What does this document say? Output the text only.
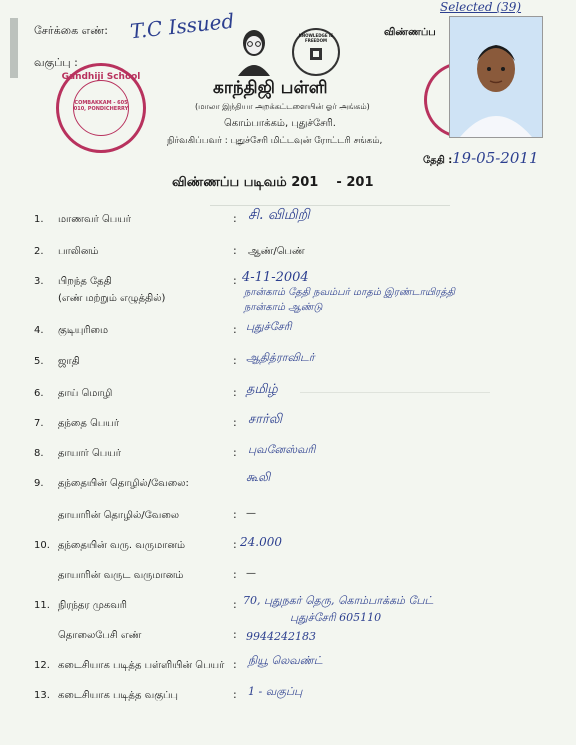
சேர்க்கை எண்: T.C Issued
வகுப்பு :
விண்ணப்ப
Selected (39)
Gandhiji School
COMBAKKAM - 605 010, PONDICHERRY
KNOWLEDGE IS FREEDOM
காந்திஜி பள்ளி
(மாலா இந்தியா அறக்கட்டளையின் ஓர் அங்கம்)
கொம்பாக்கம், புதுச்சேரி.
நிர்வகிப்பவர் : புதுச்சேரி மிட்டவுன் ரோட்டரி சங்கம்,
தேதி : 19-05-2011
விண்ணப்ப படிவம் 201    - 201
1. மாணவர் பெயர்	: சி. விமிறி
2. பாலினம்	: ஆண்/பெண்
3. பிறந்த தேதி
(எண் மற்றும் எழுத்தில்)
: 4-11-2004
நான்காம் தேதி நவம்பர் மாதம் இரண்டாயிரத்தி
நான்காம் ஆண்டு
4. குடியுரிமை	: புதுச்சேரி
5. ஜாதி	: ஆதித்ராவிடர்
6. தாய் மொழி	: தமிழ்
7. தந்தை பெயர்	: சார்லி
8. தாயார் பெயர்	: புவனேஸ்வரி
9. தந்தையின் தொழில்/வேலை:	கூலி
தாயாரின் தொழில்/வேலை	: —
10. தந்தையின் வரு. வருமானம்	: 24.000
தாயாரின் வருட வருமானம்	: —
11. நிரந்தர முகவரி	: 70, புதுநகர் தெரு, கொம்பாக்கம் பேட்
புதுச்சேரி 605110
தொலைபேசி எண்	: 9944242183
12. கடைசியாக படித்த பள்ளியின் பெயர் : நியூ லெவண்ட்
13. கடைசியாக படித்த வகுப்பு	: 1 - வகுப்பு
